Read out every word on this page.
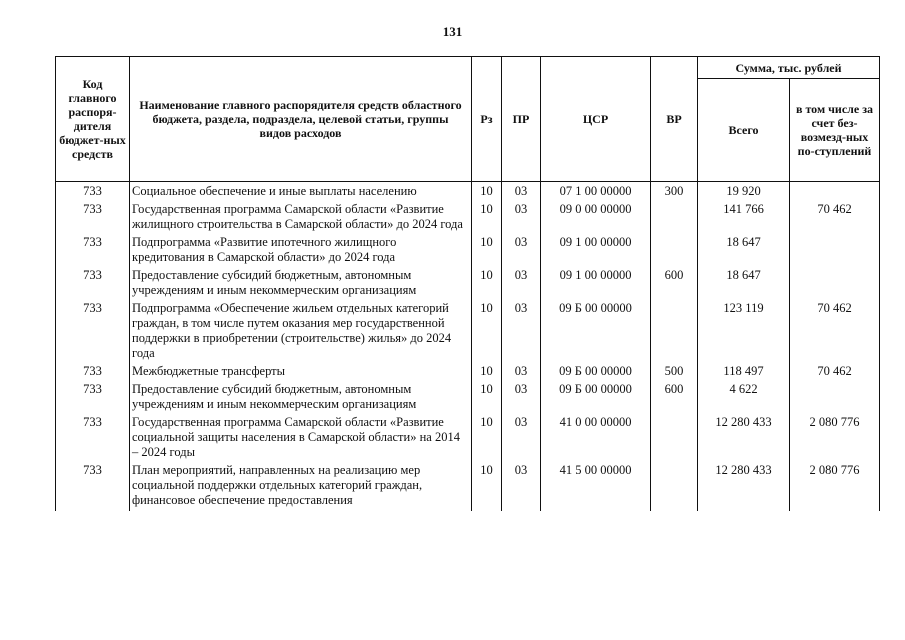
131
Код главного распоря-дителя бюджет-ных средств	Наименование главного распорядителя средств областного бюджета, раздела, подраздела, целевой статьи, группы видов расходов	Рз	ПР	ЦСР	ВР	Сумма, тыс. рублей	
						Всего	в том числе за счет без-возмезд-ных по-ступлений
733	Социальное обеспечение и иные выплаты населению	10	03	07 1 00 00000	300	19 920	
733	Государственная программа Самарской области «Развитие жилищного строительства в Самарской области» до 2024 года	10	03	09 0 00 00000		141 766	70 462
733	Подпрограмма «Развитие ипотечного жилищного кредитования в Самарской области» до 2024 года	10	03	09 1 00 00000		18 647	
733	Предоставление субсидий бюджетным, автономным учреждениям и иным некоммерческим организациям	10	03	09 1 00 00000	600	18 647	
733	Подпрограмма «Обеспечение жильем отдельных категорий граждан, в том числе путем оказания мер государственной поддержки в приобретении (строительстве) жилья» до 2024 года	10	03	09 Б 00 00000		123 119	70 462
733	Межбюджетные трансферты	10	03	09 Б 00 00000	500	118 497	70 462
733	Предоставление субсидий бюджетным, автономным учреждениям и иным некоммерческим организациям	10	03	09 Б 00 00000	600	4 622	
733	Государственная программа Самарской области «Развитие социальной защиты населения в Самарской области» на 2014 – 2024 годы	10	03	41 0 00 00000		12 280 433	2 080 776
733	План мероприятий, направленных на реализацию мер социальной поддержки отдельных категорий граждан, финансовое обеспечение предоставления	10	03	41 5 00 00000		12 280 433	2 080 776
